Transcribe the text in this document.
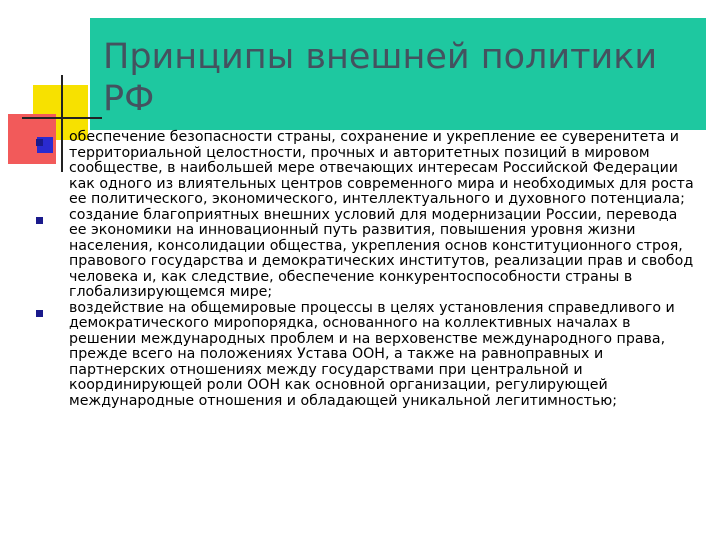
Принципы внешней политики РФ
обеспечение безопасности страны, сохранение и укрепление ее суверенитета и территориальной целостности, прочных и авторитетных позиций в мировом сообществе, в наибольшей мере отвечающих интересам Российской Федерации как одного из влиятельных центров современного мира и необходимых для роста ее политического, экономического, интеллектуального и духовного потенциала;
создание благоприятных внешних условий для модернизации России, перевода ее экономики на инновационный путь развития, повышения уровня жизни населения, консолидации общества, укрепления основ конституционного строя, правового государства и демократических институтов, реализации прав и свобод человека и, как следствие, обеспечение конкурентоспособности страны в глобализирующемся мире;
воздействие на общемировые процессы в целях установления справедливого и демократического миропорядка, основанного на коллективных началах в решении международных проблем и на верховенстве международного права, прежде всего на положениях Устава ООН, а также на равноправных и партнерских отношениях между государствами при центральной и координирующей роли ООН как основной организации, регулирующей международные отношения и обладающей уникальной легитимностью;
